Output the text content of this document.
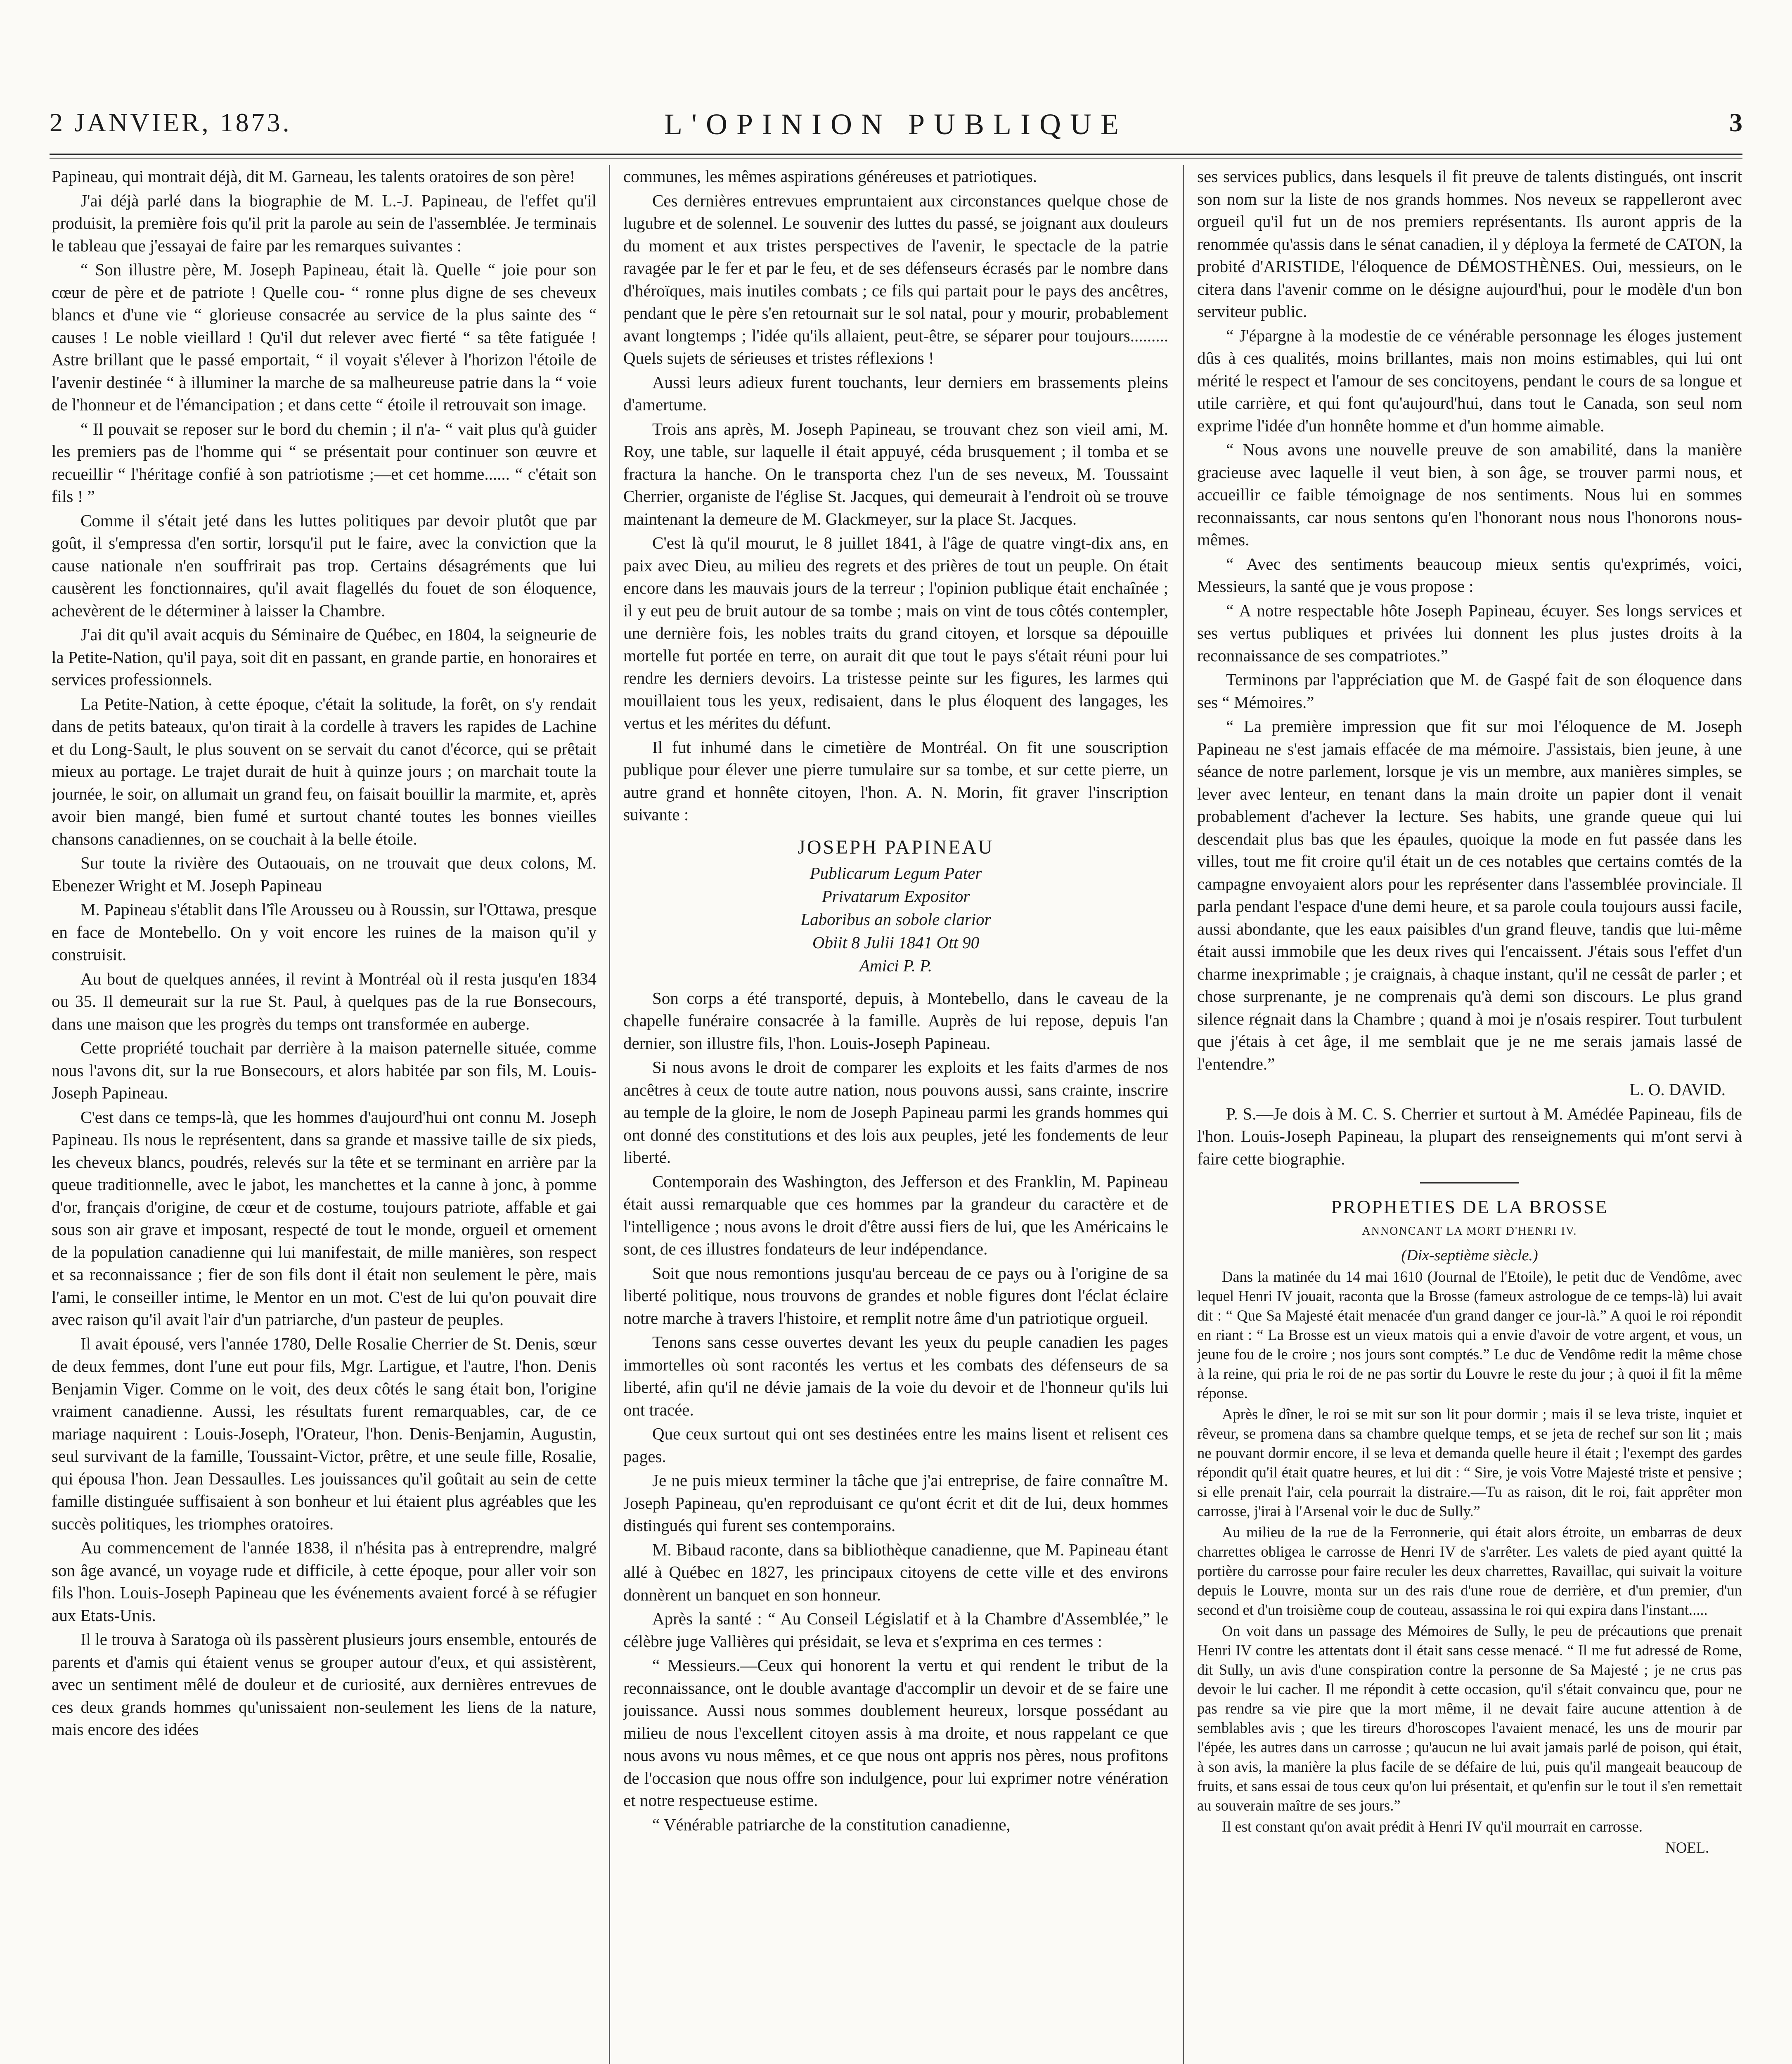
2 JANVIER, 1873.	L'OPINION PUBLIQUE	3

Papineau, qui montrait déjà, dit M. Garneau, les talents oratoires de son père!

J'ai déjà parlé dans la biographie de M. L.-J. Papineau, de l'effet qu'il produisit, la première fois qu'il prit la parole au sein de l'assemblée. Je terminais le tableau que j'essayai de faire par les remarques suivantes :

“ Son illustre père, M. Joseph Papineau, était là. Quelle “ joie pour son cœur de père et de patriote ! Quelle cou- “ ronne plus digne de ses cheveux blancs et d'une vie “ glorieuse consacrée au service de la plus sainte des “ causes ! Le noble vieillard ! Qu'il dut relever avec fierté “ sa tête fatiguée ! Astre brillant que le passé emportait, “ il voyait s'élever à l'horizon l'étoile de l'avenir destinée “ à illuminer la marche de sa malheureuse patrie dans la “ voie de l'honneur et de l'émancipation ; et dans cette “ étoile il retrouvait son image.

“ Il pouvait se reposer sur le bord du chemin ; il n'a- “ vait plus qu'à guider les premiers pas de l'homme qui “ se présentait pour continuer son œuvre et recueillir “ l'héritage confié à son patriotisme ;—et cet homme...... “ c'était son fils ! ”

Comme il s'était jeté dans les luttes politiques par devoir plutôt que par goût, il s'empressa d'en sortir, lorsqu'il put le faire, avec la conviction que la cause nationale n'en souffrirait pas trop. Certains désagréments que lui causèrent les fonctionnaires, qu'il avait flagellés du fouet de son éloquence, achevèrent de le déterminer à laisser la Chambre.

J'ai dit qu'il avait acquis du Séminaire de Québec, en 1804, la seigneurie de la Petite-Nation, qu'il paya, soit dit en passant, en grande partie, en honoraires et services professionnels.

La Petite-Nation, à cette époque, c'était la solitude, la forêt, on s'y rendait dans de petits bateaux, qu'on tirait à la cordelle à travers les rapides de Lachine et du Long-Sault, le plus souvent on se servait du canot d'écorce, qui se prêtait mieux au portage. Le trajet durait de huit à quinze jours ; on marchait toute la journée, le soir, on allumait un grand feu, on faisait bouillir la marmite, et, après avoir bien mangé, bien fumé et surtout chanté toutes les bonnes vieilles chansons canadiennes, on se couchait à la belle étoile.

Sur toute la rivière des Outaouais, on ne trouvait que deux colons, M. Ebenezer Wright et M. Joseph Papineau

M. Papineau s'établit dans l'île Arousseu ou à Roussin, sur l'Ottawa, presque en face de Montebello. On y voit encore les ruines de la maison qu'il y construisit.

Au bout de quelques années, il revint à Montréal où il resta jusqu'en 1834 ou 35. Il demeurait sur la rue St. Paul, à quelques pas de la rue Bonsecours, dans une maison que les progrès du temps ont transformée en auberge.

Cette propriété touchait par derrière à la maison paternelle située, comme nous l'avons dit, sur la rue Bonsecours, et alors habitée par son fils, M. Louis-Joseph Papineau.

C'est dans ce temps-là, que les hommes d'aujourd'hui ont connu M. Joseph Papineau. Ils nous le représentent, dans sa grande et massive taille de six pieds, les cheveux blancs, poudrés, relevés sur la tête et se terminant en arrière par la queue traditionnelle, avec le jabot, les manchettes et la canne à jonc, à pomme d'or, français d'origine, de cœur et de costume, toujours patriote, affable et gai sous son air grave et imposant, respecté de tout le monde, orgueil et ornement de la population canadienne qui lui manifestait, de mille manières, son respect et sa reconnaissance ; fier de son fils dont il était non seulement le père, mais l'ami, le conseiller intime, le Mentor en un mot. C'est de lui qu'on pouvait dire avec raison qu'il avait l'air d'un patriarche, d'un pasteur de peuples.

Il avait épousé, vers l'année 1780, Delle Rosalie Cherrier de St. Denis, sœur de deux femmes, dont l'une eut pour fils, Mgr. Lartigue, et l'autre, l'hon. Denis Benjamin Viger. Comme on le voit, des deux côtés le sang était bon, l'origine vraiment canadienne. Aussi, les résultats furent remarquables, car, de ce mariage naquirent : Louis-Joseph, l'Orateur, l'hon. Denis-Benjamin, Augustin, seul survivant de la famille, Toussaint-Victor, prêtre, et une seule fille, Rosalie, qui épousa l'hon. Jean Dessaulles. Les jouissances qu'il goûtait au sein de cette famille distinguée suffisaient à son bonheur et lui étaient plus agréables que les succès politiques, les triomphes oratoires.

Au commencement de l'année 1838, il n'hésita pas à entreprendre, malgré son âge avancé, un voyage rude et difficile, à cette époque, pour aller voir son fils l'hon. Louis-Joseph Papineau que les événements avaient forcé à se réfugier aux Etats-Unis.

Il le trouva à Saratoga où ils passèrent plusieurs jours ensemble, entourés de parents et d'amis qui étaient venus se grouper autour d'eux, et qui assistèrent, avec un sentiment mêlé de douleur et de curiosité, aux dernières entrevues de ces deux grands hommes qu'unissaient non-seulement les liens de la nature, mais encore des idées

communes, les mêmes aspirations généreuses et patriotiques.

Ces dernières entrevues empruntaient aux circonstances quelque chose de lugubre et de solennel. Le souvenir des luttes du passé, se joignant aux douleurs du moment et aux tristes perspectives de l'avenir, le spectacle de la patrie ravagée par le fer et par le feu, et de ses défenseurs écrasés par le nombre dans d'héroïques, mais inutiles combats ; ce fils qui partait pour le pays des ancêtres, pendant que le père s'en retournait sur le sol natal, pour y mourir, probablement avant longtemps ; l'idée qu'ils allaient, peut-être, se séparer pour toujours......... Quels sujets de sérieuses et tristes réflexions !

Aussi leurs adieux furent touchants, leur derniers em brassements pleins d'amertume.

Trois ans après, M. Joseph Papineau, se trouvant chez son vieil ami, M. Roy, une table, sur laquelle il était appuyé, céda brusquement ; il tomba et se fractura la hanche. On le transporta chez l'un de ses neveux, M. Toussaint Cherrier, organiste de l'église St. Jacques, qui demeurait à l'endroit où se trouve maintenant la demeure de M. Glackmeyer, sur la place St. Jacques.

C'est là qu'il mourut, le 8 juillet 1841, à l'âge de quatre vingt-dix ans, en paix avec Dieu, au milieu des regrets et des prières de tout un peuple. On était encore dans les mauvais jours de la terreur ; l'opinion publique était enchaînée ; il y eut peu de bruit autour de sa tombe ; mais on vint de tous côtés contempler, une dernière fois, les nobles traits du grand citoyen, et lorsque sa dépouille mortelle fut portée en terre, on aurait dit que tout le pays s'était réuni pour lui rendre les derniers devoirs. La tristesse peinte sur les figures, les larmes qui mouillaient tous les yeux, redisaient, dans le plus éloquent des langages, les vertus et les mérites du défunt.

Il fut inhumé dans le cimetière de Montréal. On fit une souscription publique pour élever une pierre tumulaire sur sa tombe, et sur cette pierre, un autre grand et honnête citoyen, l'hon. A. N. Morin, fit graver l'inscription suivante :

JOSEPH PAPINEAU
Publicarum Legum Pater
Privatarum Expositor
Laboribus an sobole clarior
Obiit 8 Julii 1841 Ott 90
Amici P. P.

Son corps a été transporté, depuis, à Montebello, dans le caveau de la chapelle funéraire consacrée à la famille. Auprès de lui repose, depuis l'an dernier, son illustre fils, l'hon. Louis-Joseph Papineau.

Si nous avons le droit de comparer les exploits et les faits d'armes de nos ancêtres à ceux de toute autre nation, nous pouvons aussi, sans crainte, inscrire au temple de la gloire, le nom de Joseph Papineau parmi les grands hommes qui ont donné des constitutions et des lois aux peuples, jeté les fondements de leur liberté.

Contemporain des Washington, des Jefferson et des Franklin, M. Papineau était aussi remarquable que ces hommes par la grandeur du caractère et de l'intelligence ; nous avons le droit d'être aussi fiers de lui, que les Américains le sont, de ces illustres fondateurs de leur indépendance.

Soit que nous remontions jusqu'au berceau de ce pays ou à l'origine de sa liberté politique, nous trouvons de grandes et noble figures dont l'éclat éclaire notre marche à travers l'histoire, et remplit notre âme d'un patriotique orgueil.

Tenons sans cesse ouvertes devant les yeux du peuple canadien les pages immortelles où sont racontés les vertus et les combats des défenseurs de sa liberté, afin qu'il ne dévie jamais de la voie du devoir et de l'honneur qu'ils lui ont tracée.

Que ceux surtout qui ont ses destinées entre les mains lisent et relisent ces pages.

Je ne puis mieux terminer la tâche que j'ai entreprise, de faire connaître M. Joseph Papineau, qu'en reproduisant ce qu'ont écrit et dit de lui, deux hommes distingués qui furent ses contemporains.

M. Bibaud raconte, dans sa bibliothèque canadienne, que M. Papineau étant allé à Québec en 1827, les principaux citoyens de cette ville et des environs donnèrent un banquet en son honneur.

Après la santé : “ Au Conseil Législatif et à la Chambre d'Assemblée,” le célèbre juge Vallières qui présidait, se leva et s'exprima en ces termes :

“ Messieurs.—Ceux qui honorent la vertu et qui rendent le tribut de la reconnaissance, ont le double avantage d'accomplir un devoir et de se faire une jouissance. Aussi nous sommes doublement heureux, lorsque possédant au milieu de nous l'excellent citoyen assis à ma droite, et nous rappelant ce que nous avons vu nous mêmes, et ce que nous ont appris nos pères, nous profitons de l'occasion que nous offre son indulgence, pour lui exprimer notre vénération et notre respectueuse estime.

“ Vénérable patriarche de la constitution canadienne,

ses services publics, dans lesquels il fit preuve de talents distingués, ont inscrit son nom sur la liste de nos grands hommes. Nos neveux se rappelleront avec orgueil qu'il fut un de nos premiers représentants. Ils auront appris de la renommée qu'assis dans le sénat canadien, il y déploya la fermeté de CATON, la probité d'ARISTIDE, l'éloquence de DÉMOSTHÈNES. Oui, messieurs, on le citera dans l'avenir comme on le désigne aujourd'hui, pour le modèle d'un bon serviteur public.

“ J'épargne à la modestie de ce vénérable personnage les éloges justement dûs à ces qualités, moins brillantes, mais non moins estimables, qui lui ont mérité le respect et l'amour de ses concitoyens, pendant le cours de sa longue et utile carrière, et qui font qu'aujourd'hui, dans tout le Canada, son seul nom exprime l'idée d'un honnête homme et d'un homme aimable.

“ Nous avons une nouvelle preuve de son amabilité, dans la manière gracieuse avec laquelle il veut bien, à son âge, se trouver parmi nous, et accueillir ce faible témoignage de nos sentiments. Nous lui en sommes reconnaissants, car nous sentons qu'en l'honorant nous nous l'honorons nous-mêmes.

“ Avec des sentiments beaucoup mieux sentis qu'exprimés, voici, Messieurs, la santé que je vous propose :

“ A notre respectable hôte Joseph Papineau, écuyer. Ses longs services et ses vertus publiques et privées lui donnent les plus justes droits à la reconnaissance de ses compatriotes.”

Terminons par l'appréciation que M. de Gaspé fait de son éloquence dans ses “ Mémoires.”

“ La première impression que fit sur moi l'éloquence de M. Joseph Papineau ne s'est jamais effacée de ma mémoire. J'assistais, bien jeune, à une séance de notre parlement, lorsque je vis un membre, aux manières simples, se lever avec lenteur, en tenant dans la main droite un papier dont il venait probablement d'achever la lecture. Ses habits, une grande queue qui lui descendait plus bas que les épaules, quoique la mode en fut passée dans les villes, tout me fit croire qu'il était un de ces notables que certains comtés de la campagne envoyaient alors pour les représenter dans l'assemblée provinciale. Il parla pendant l'espace d'une demi heure, et sa parole coula toujours aussi facile, aussi abondante, que les eaux paisibles d'un grand fleuve, tandis que lui-même était aussi immobile que les deux rives qui l'encaissent. J'étais sous l'effet d'un charme inexprimable ; je craignais, à chaque instant, qu'il ne cessât de parler ; et chose surprenante, je ne comprenais qu'à demi son discours. Le plus grand silence régnait dans la Chambre ; quand à moi je n'osais respirer. Tout turbulent que j'étais à cet âge, il me semblait que je ne me serais jamais lassé de l'entendre.”

L. O. DAVID.

P. S.—Je dois à M. C. S. Cherrier et surtout à M. Amédée Papineau, fils de l'hon. Louis-Joseph Papineau, la plupart des renseignements qui m'ont servi à faire cette biographie.

PROPHETIES DE LA BROSSE

ANNONCANT LA MORT D'HENRI IV.

(Dix-septième siècle.)

Dans la matinée du 14 mai 1610 (Journal de l'Etoile), le petit duc de Vendôme, avec lequel Henri IV jouait, raconta que la Brosse (fameux astrologue de ce temps-là) lui avait dit : “ Que Sa Majesté était menacée d'un grand danger ce jour-là.” A quoi le roi répondit en riant : “ La Brosse est un vieux matois qui a envie d'avoir de votre argent, et vous, un jeune fou de le croire ; nos jours sont comptés.” Le duc de Vendôme redit la même chose à la reine, qui pria le roi de ne pas sortir du Louvre le reste du jour ; à quoi il fit la même réponse.

Après le dîner, le roi se mit sur son lit pour dormir ; mais il se leva triste, inquiet et rêveur, se promena dans sa chambre quelque temps, et se jeta de rechef sur son lit ; mais ne pouvant dormir encore, il se leva et demanda quelle heure il était ; l'exempt des gardes répondit qu'il était quatre heures, et lui dit : “ Sire, je vois Votre Majesté triste et pensive ; si elle prenait l'air, cela pourrait la distraire.—Tu as raison, dit le roi, fait apprêter mon carrosse, j'irai à l'Arsenal voir le duc de Sully.”

Au milieu de la rue de la Ferronnerie, qui était alors étroite, un embarras de deux charrettes obligea le carrosse de Henri IV de s'arrêter. Les valets de pied ayant quitté la portière du carrosse pour faire reculer les deux charrettes, Ravaillac, qui suivait la voiture depuis le Louvre, monta sur un des rais d'une roue de derrière, et d'un premier, d'un second et d'un troisième coup de couteau, assassina le roi qui expira dans l'instant.....

On voit dans un passage des Mémoires de Sully, le peu de précautions que prenait Henri IV contre les attentats dont il était sans cesse menacé. “ Il me fut adressé de Rome, dit Sully, un avis d'une conspiration contre la personne de Sa Majesté ; je ne crus pas devoir le lui cacher. Il me répondit à cette occasion, qu'il s'était convaincu que, pour ne pas rendre sa vie pire que la mort même, il ne devait faire aucune attention à de semblables avis ; que les tireurs d'horoscopes l'avaient menacé, les uns de mourir par l'épée, les autres dans un carrosse ; qu'aucun ne lui avait jamais parlé de poison, qui était, à son avis, la manière la plus facile de se défaire de lui, puis qu'il mangeait beaucoup de fruits, et sans essai de tous ceux qu'on lui présentait, et qu'enfin sur le tout il s'en remettait au souverain maître de ses jours.”

Il est constant qu'on avait prédit à Henri IV qu'il mourrait en carrosse.

NOEL.
